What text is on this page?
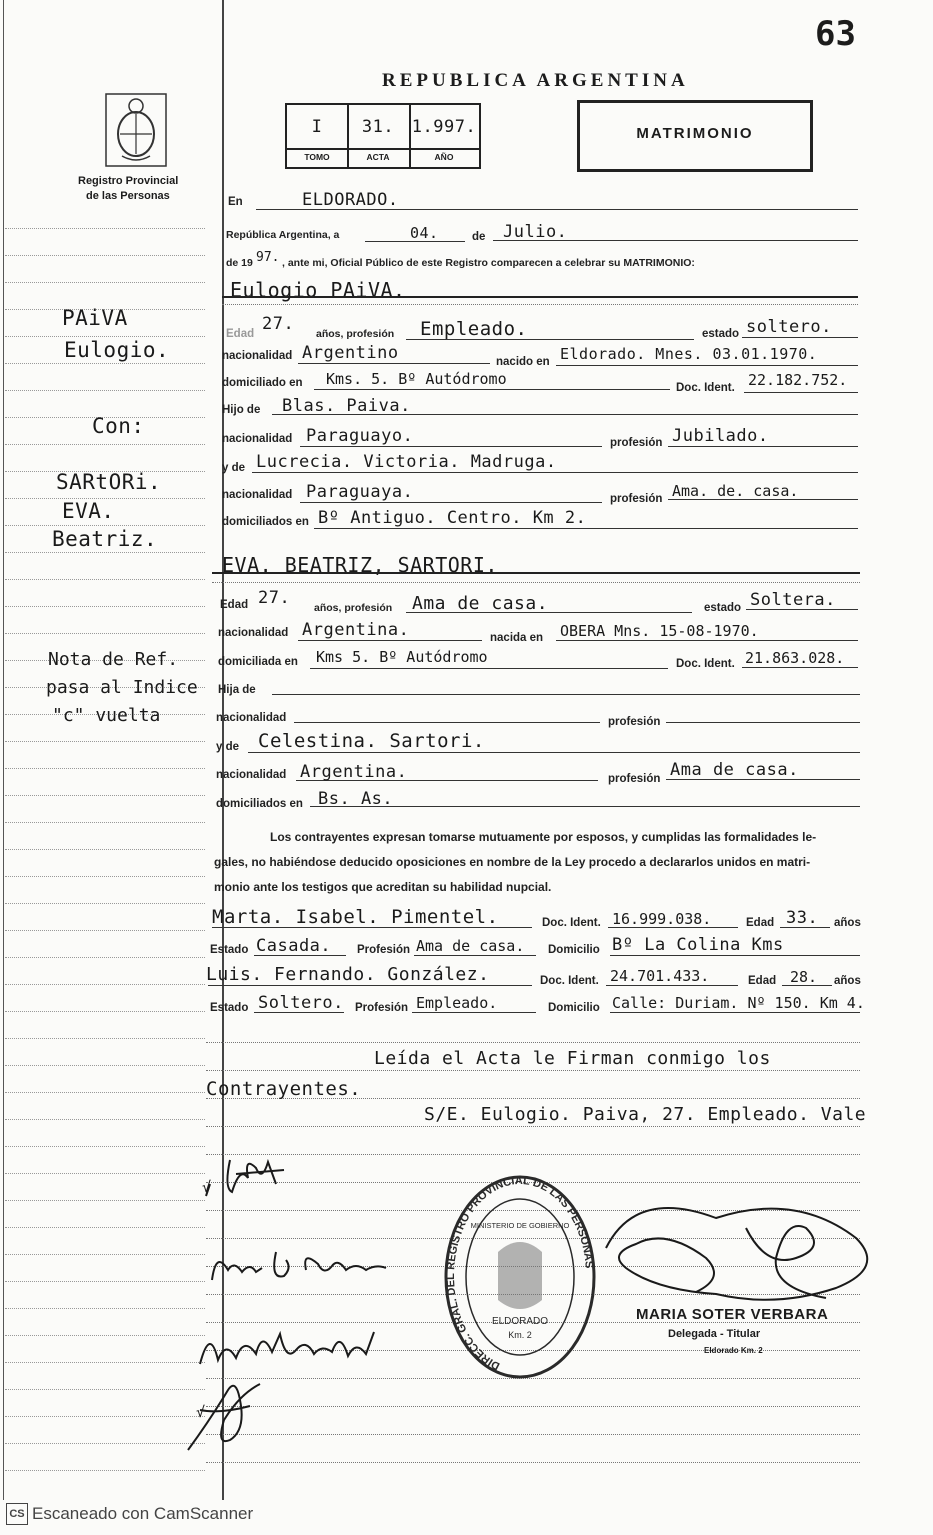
63
REPUBLICA ARGENTINA
Registro Provincial
de las Personas
I	31.	1.997.
TOMO	ACTA	AÑO
MATRIMONIO
PAiVA
Eulogio.
Con:
SARtORi.
EVA.
Beatriz.
Nota de Ref.
pasa al Indice
"c" vuelta
En	ELDORADO.
República Argentina, a	04.	de Julio.
de 19 97. , ante mi, Oficial Público de este Registro comparecen a celebrar su MATRIMONIO:
Eulogio PAiVA.
Edad 27. años, profesión Empleado.	estado soltero.
nacionalidad Argentino	nacido en Eldorado. Mnes. 03.01.1970.
domiciliado en Kms. 5. Bº Autódromo	Doc. Ident. 22.182.752.
Hijo de Blas. Paiva.
nacionalidad Paraguayo.	profesión Jubilado.
y de Lucrecia. Victoria. Madruga.
nacionalidad Paraguaya.	profesión Ama. de. casa.
domiciliados en Bº Antiguo. Centro. Km 2.
EVA. BEATRIZ, SARTORI.
Edad 27. años, profesión Ama de casa.	estado Soltera.
nacionalidad Argentina.	nacida en OBERA Mns. 15-08-1970.
domiciliada en Kms 5. Bº Autódromo	Doc. Ident. 21.863.028.
Hija de
nacionalidad	profesión
y de Celestina. Sartori.
nacionalidad Argentina.	profesión Ama de casa.
domiciliados en Bs. As.
Los contrayentes expresan tomarse mutuamente por esposos, y cumplidas las formalidades le-
gales, no habiéndose deducido oposiciones en nombre de la Ley procedo a declararlos unidos en matri-
monio ante los testigos que acreditan su habilidad nupcial.
Marta. Isabel. Pimentel.	Doc. Ident. 16.999.038.	Edad 33. años
Estado Casada. Profesión Ama de casa. Domicilio Bº La Colina Kms
Luis. Fernando. González.	Doc. Ident. 24.701.433.	Edad 28. años
Estado Soltero. Profesión Empleado.	Domicilio Calle: Duriam. Nº 150. Km 4.
Leída el Acta le Firman conmigo los
Contrayentes.
S/E. Eulogio. Paiva, 27. Empleado. Vale
DIRECC. GRAL. DEL REGISTRO PROVINCIAL DE LAS PERSONAS
MINISTERIO DE GOBIERNO
ELDORADO
Km. 2
MARIA SOTER VERBARA
Delegada - Titular
Eldorado Km. 2
√
√
CS Escaneado con CamScanner
